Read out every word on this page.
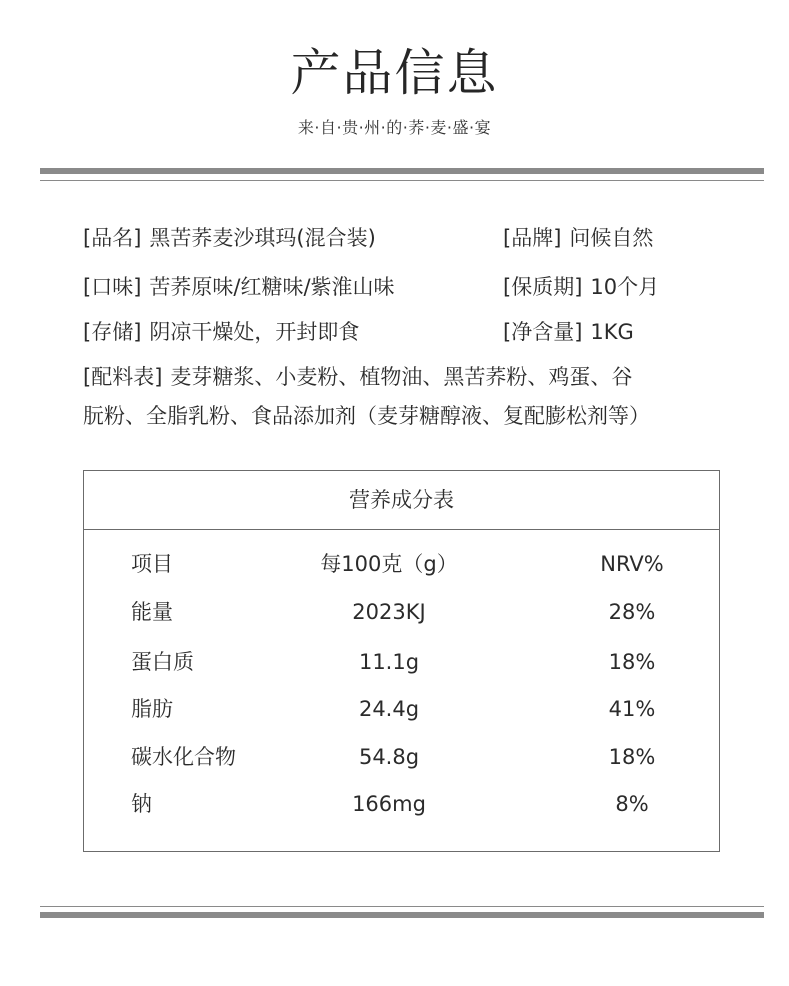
产品信息
来·自·贵·州·的·荞·麦·盛·宴
[品名] 黑苦荞麦沙琪玛(混合装)	[品牌] 问候自然
[口味] 苦荞原味/红糖味/紫淮山味	[保质期] 10个月
[存储] 阴凉干燥处，开封即食	[净含量] 1KG
[配料表] 麦芽糖浆、小麦粉、植物油、黑苦荞粉、鸡蛋、谷
朊粉、全脂乳粉、食品添加剂（麦芽糖醇液、复配膨松剂等）
营养成分表
项目	每100克（g）	NRV%
能量	2023KJ	28%
蛋白质	11.1g	18%
脂肪	24.4g	41%
碳水化合物	54.8g	18%
钠	166mg	8%
